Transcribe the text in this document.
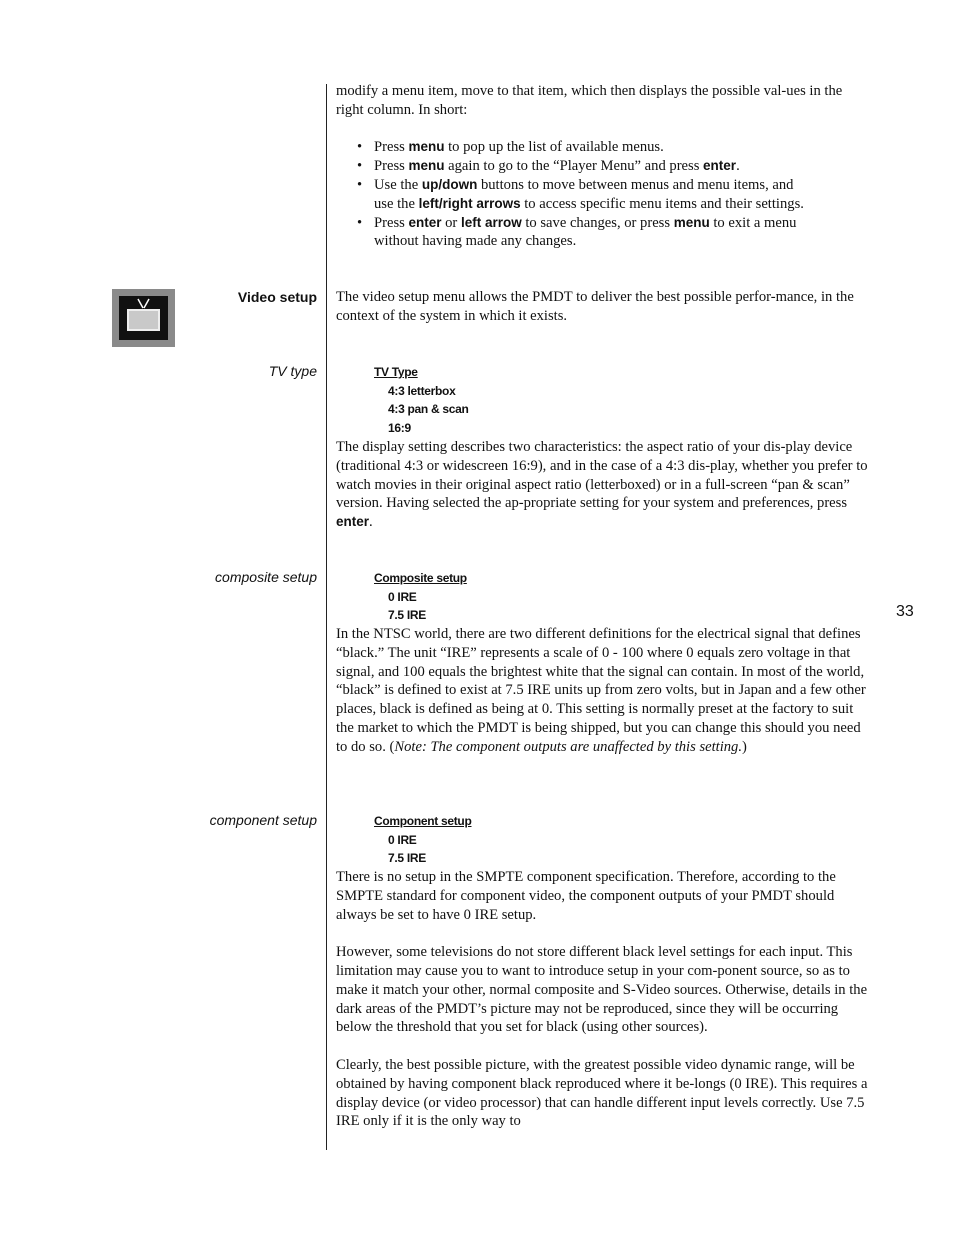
modify a menu item, move to that item, which then displays the possible val-ues in the right column. In short:

• Press menu to pop up the list of available menus.
• Press menu again to go to the “Player Menu” and press enter.
• Use the up/down buttons to move between menus and menu items, and use the left/right arrows to access specific menu items and their settings.
• Press enter or left arrow to save changes, or press menu to exit a menu without having made any changes.
Video setup The video setup menu allows the PMDT to deliver the best possible perfor-mance, in the context of the system in which it exists.

TV type	TV Type
4:3 letterbox
4:3 pan & scan
16:9

The display setting describes two characteristics: the aspect ratio of your dis-play device (traditional 4:3 or widescreen 16:9), and in the case of a 4:3 dis-play, whether you prefer to watch movies in their original aspect ratio (letterboxed) or in a full-screen “pan & scan” version. Having selected the ap-propriate setting for your system and preferences, press enter.

composite setup	Composite setup
0 IRE
7.5 IRE

In the NTSC world, there are two different definitions for the electrical signal that defines “black.” The unit “IRE” represents a scale of 0 - 100 where 0 equals zero voltage in that signal, and 100 equals the brightest white that the signal can contain. In most of the world, “black” is defined to exist at 7.5 IRE units up from zero volts, but in Japan and a few other places, black is defined as being at 0. This setting is normally preset at the factory to suit the market to which the PMDT is being shipped, but you can change this should you need to do so. (Note: The component outputs are unaffected by this setting.)

33
component setup	Component setup
0 IRE
7.5 IRE

There is no setup in the SMPTE component specification. Therefore, according to the SMPTE standard for component video, the component outputs of your PMDT should always be set to have 0 IRE setup.

However, some televisions do not store different black level settings for each input. This limitation may cause you to want to introduce setup in your com-ponent source, so as to make it match your other, normal composite and S-Video sources. Otherwise, details in the dark areas of the PMDT’s picture may not be reproduced, since they will be occurring below the threshold that you set for black (using other sources).

Clearly, the best possible picture, with the greatest possible video dynamic range, will be obtained by having component black reproduced where it be-longs (0 IRE). This requires a display device (or video processor) that can handle different input levels correctly. Use 7.5 IRE only if it is the only way to
